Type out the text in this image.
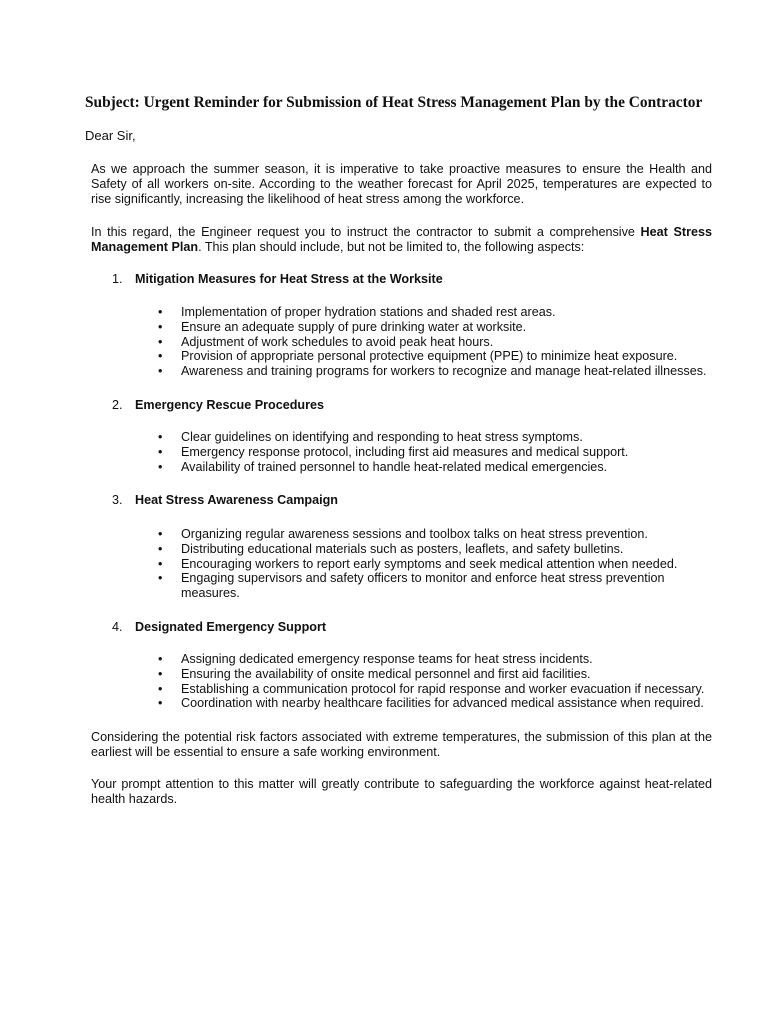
Subject: Urgent Reminder for Submission of Heat Stress Management Plan by the Contractor
Dear Sir,
As we approach the summer season, it is imperative to take proactive measures to ensure the Health and Safety of all workers on-site. According to the weather forecast for April 2025, temperatures are expected to rise significantly, increasing the likelihood of heat stress among the workforce.
In this regard, the Engineer request you to instruct the contractor to submit a comprehensive Heat Stress Management Plan. This plan should include, but not be limited to, the following aspects:
1. Mitigation Measures for Heat Stress at the Worksite
• Implementation of proper hydration stations and shaded rest areas.
• Ensure an adequate supply of pure drinking water at worksite.
• Adjustment of work schedules to avoid peak heat hours.
• Provision of appropriate personal protective equipment (PPE) to minimize heat exposure.
• Awareness and training programs for workers to recognize and manage heat-related illnesses.
2. Emergency Rescue Procedures
• Clear guidelines on identifying and responding to heat stress symptoms.
• Emergency response protocol, including first aid measures and medical support.
• Availability of trained personnel to handle heat-related medical emergencies.
3. Heat Stress Awareness Campaign
• Organizing regular awareness sessions and toolbox talks on heat stress prevention.
• Distributing educational materials such as posters, leaflets, and safety bulletins.
• Encouraging workers to report early symptoms and seek medical attention when needed.
• Engaging supervisors and safety officers to monitor and enforce heat stress prevention measures.
4. Designated Emergency Support
• Assigning dedicated emergency response teams for heat stress incidents.
• Ensuring the availability of onsite medical personnel and first aid facilities.
• Establishing a communication protocol for rapid response and worker evacuation if necessary.
• Coordination with nearby healthcare facilities for advanced medical assistance when required.
Considering the potential risk factors associated with extreme temperatures, the submission of this plan at the earliest will be essential to ensure a safe working environment.
Your prompt attention to this matter will greatly contribute to safeguarding the workforce against heat-related health hazards.
